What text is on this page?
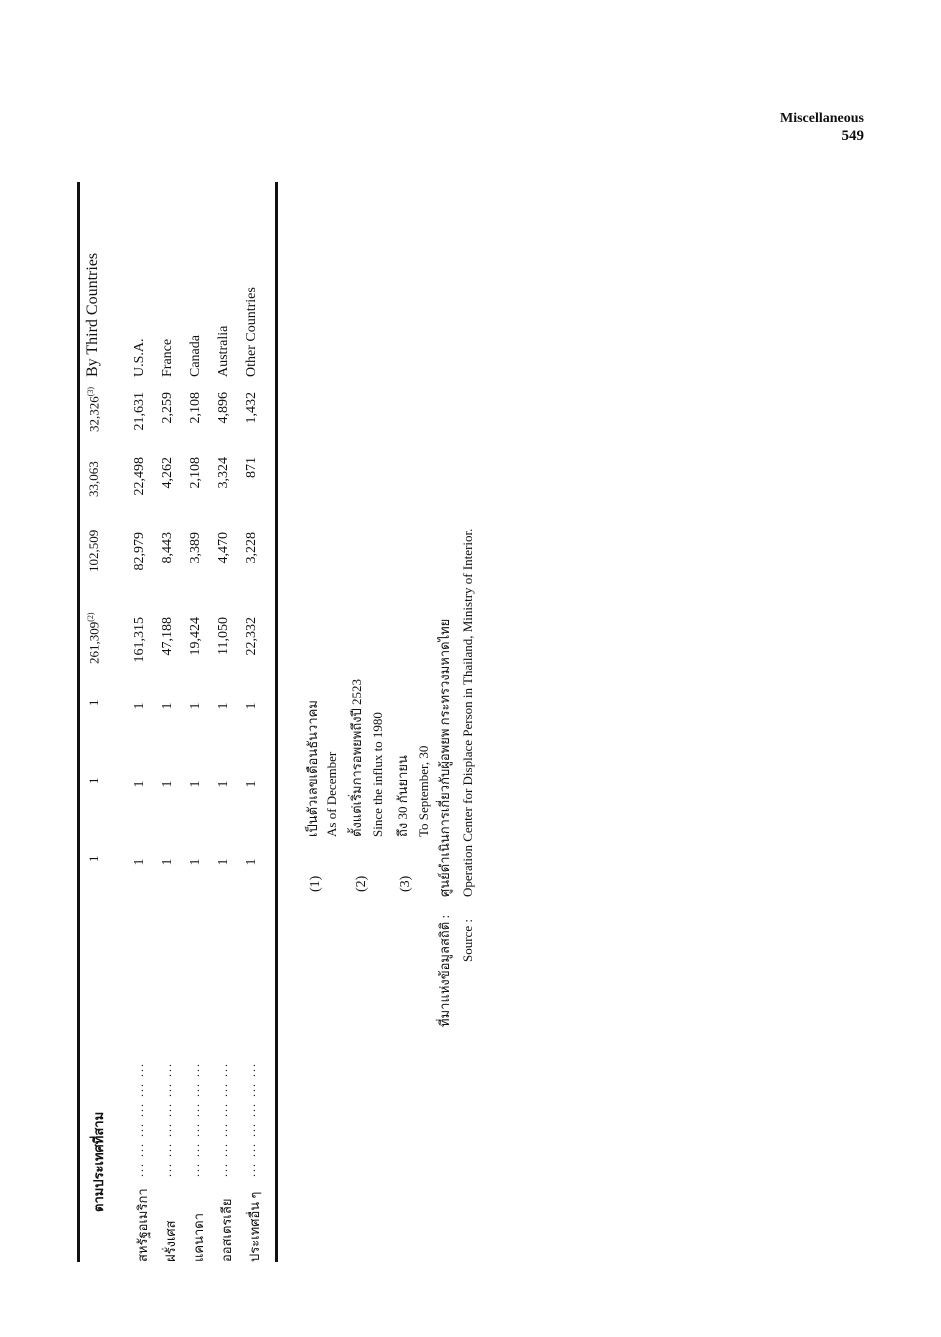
Miscellaneous
549
ตามประเทศที่สาม
1
1
1
261,309$^{(2)}$
102,509
33,063
32,326$^{(3)}$
By Third Countries
สหรัฐอเมริกา
... ... ... ... ... ...
1
1
1
161,315
82,979
22,498
21,631
U.S.A.
ฝรั่งเศส
... ... ... ... ... ...
1
1
1
47,188
8,443
4,262
2,259
France
แคนาดา
... ... ... ... ... ...
1
1
1
19,424
3,389
2,108
2,108
Canada
ออสเตรเลีย
... ... ... ... ... ...
1
1
1
11,050
4,470
3,324
4,896
Australia
ประเทศอื่น ๆ
... ... ... ... ... ...
1
1
1
22,332
3,228
871
1,432
Other Countries
(1)
เป็นตัวเลขเดือนธันวาคม As of December
(2)
ตั้งแต่เริ่มการอพยพถึงปี 2523 Since the influx to 1980
(3)
ถึง 30 กันยายน To September, 30
ที่มาแห่งข้อมูลสถิติ :
ศูนย์ดำเนินการเกี่ยวกับผู้อพยพ กระทรวงมหาดไทย
Source :
Operation Center for Displace Person in Thailand, Ministry of Interior.
